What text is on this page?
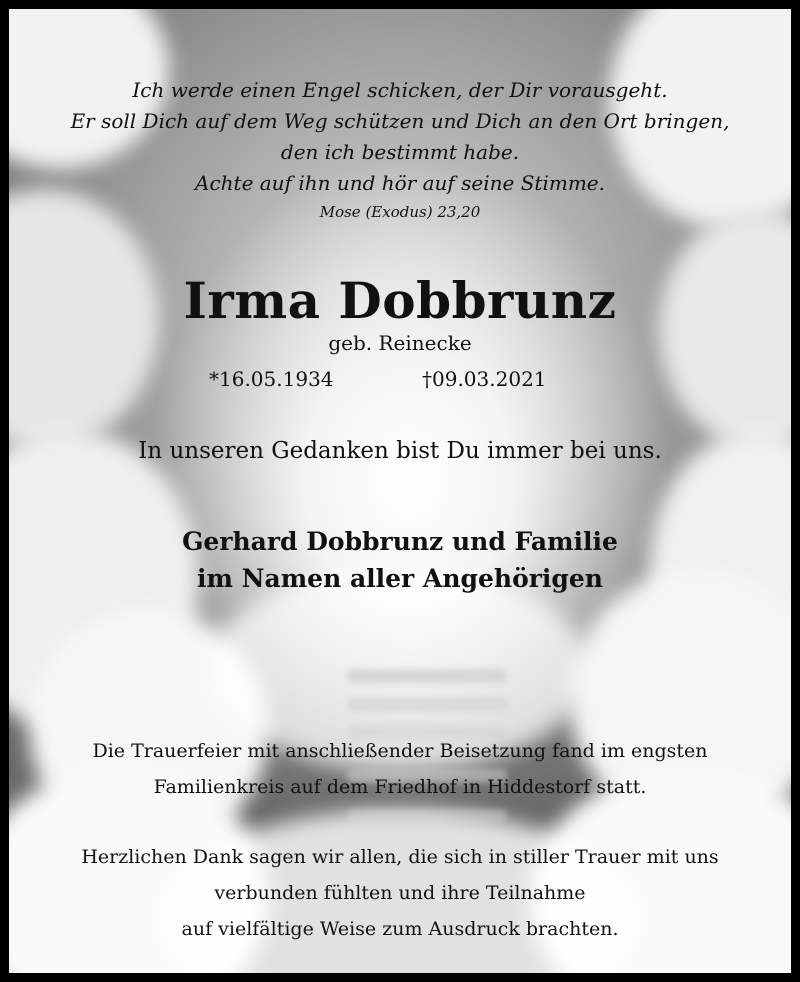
Ich werde einen Engel schicken, der Dir vorausgeht.
Er soll Dich auf dem Weg schützen und Dich an den Ort bringen,
den ich bestimmt habe.
Achte auf ihn und hör auf seine Stimme.
Mose (Exodus) 23,20
Irma Dobbrunz
geb. Reinecke
*16.05.1934	†09.03.2021
In unseren Gedanken bist Du immer bei uns.
Gerhard Dobbrunz und Familie
im Namen aller Angehörigen
Die Trauerfeier mit anschließender Beisetzung fand im engsten
Familienkreis auf dem Friedhof in Hiddestorf statt.
Herzlichen Dank sagen wir allen, die sich in stiller Trauer mit uns
verbunden fühlten und ihre Teilnahme
auf vielfältige Weise zum Ausdruck brachten.
